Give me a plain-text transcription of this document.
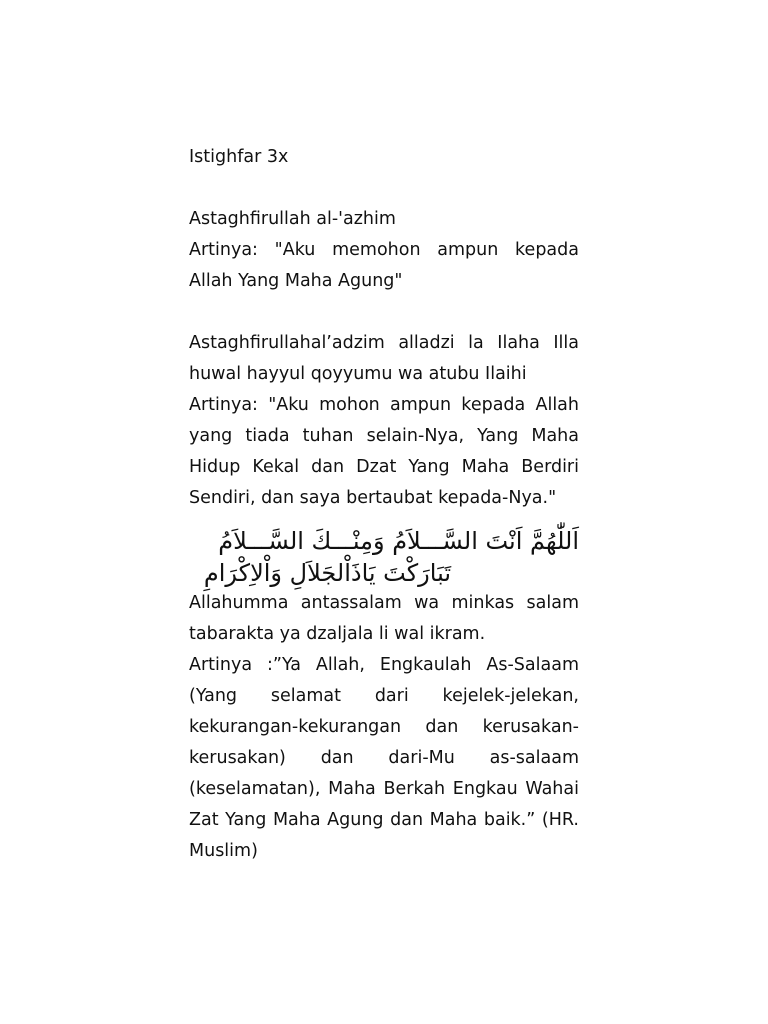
Istighfar 3x

Astaghfirullah al-'azhim

Artinya: "Aku memohon ampun kepada Allah Yang Maha Agung"

Astaghfirullahal’adzim alladzi la Ilaha Illa huwal hayyul qoyyumu wa atubu Ilaihi

Artinya: "Aku mohon ampun kepada Allah yang tiada tuhan selain-Nya, Yang Maha Hidup Kekal dan Dzat Yang Maha Berdiri Sendiri, dan saya bertaubat kepada-Nya."

اَللّٰهُمَّ اَنْتَ السَّـــلاَمُ وَمِنْـــكَ السَّـــلاَمُ

تَبَارَكْتَ يَاذَاْلجَلاَلِ وَاْلاِكْرَامِ

Allahumma antassalam wa minkas salam tabarakta ya dzaljala li wal ikram.

Artinya :”Ya Allah, Engkaulah As-Salaam (Yang selamat dari kejelek-jelekan, kekurangan-kekurangan dan kerusakan-kerusakan) dan dari-Mu as-salaam (keselamatan), Maha Berkah Engkau Wahai Zat Yang Maha Agung dan Maha baik.” (HR. Muslim)
